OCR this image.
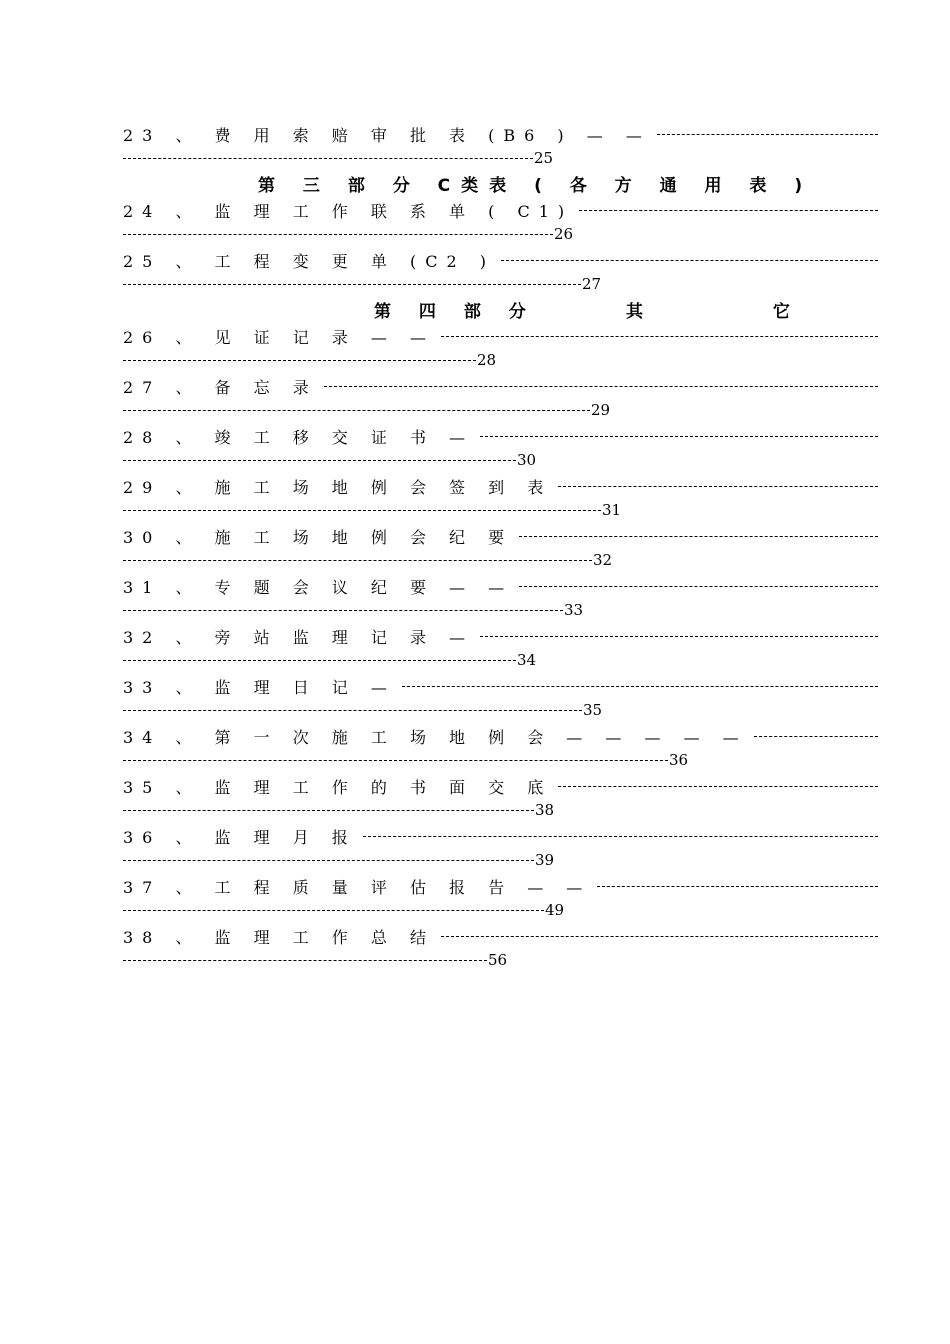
23 、 费 用 索 赔 审 批 表 (B6 ) — —
25
第 三 部 分 C类表 ( 各 方 通 用 表 )
24 、 监 理 工 作 联 系 单 ( C1)
26
25 、 工 程 变 更 单 (C2 )
27
第 四 部 分	其 它
26 、 见 证 记 录 — —
28
27 、 备 忘 录
29
28 、 竣 工 移 交 证 书 —
30
29 、 施 工 场 地 例 会 签 到 表
31
30 、 施 工 场 地 例 会 纪 要
32
31 、 专 题 会 议 纪 要 — —
33
32 、 旁 站 监 理 记 录 —
34
33 、 监 理 日 记 —
35
34 、 第 一 次 施 工 场 地 例 会 — — — — —
36
35 、 监 理 工 作 的 书 面 交 底
38
36 、 监 理 月 报
39
37 、 工 程 质 量 评 估 报 告 — —
49
38 、 监 理 工 作 总 结
56
